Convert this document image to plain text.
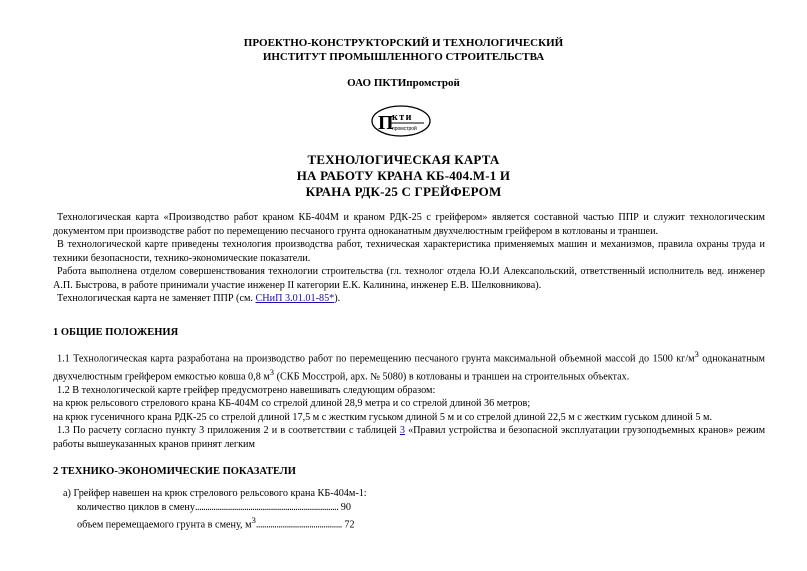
ПРОЕКТНО-КОНСТРУКТОРСКИЙ И ТЕХНОЛОГИЧЕСКИЙ
ИНСТИТУТ ПРОМЫШЛЕННОГО СТРОИТЕЛЬСТВА
ОАО ПКТИпромстрой
П
кти
промстрой
ТЕХНОЛОГИЧЕСКАЯ КАРТА
НА РАБОТУ КРАНА КБ-404.М-1 И
КРАНА РДК-25 С ГРЕЙФЕРОМ

Технологическая карта «Производство работ краном КБ-404М и краном РДК-25 с грейфером» является составной частью ППР и служит технологическим документом при производстве работ по перемещению песчаного грунта одноканатным двухчелюстным грейфером в котлованы и траншеи.

В технологической карте приведены технология производства работ, техническая характеристика применяемых машин и механизмов, правила охраны труда и техники безопасности, технико-экономические показатели.

Работа выполнена отделом совершенствования технологии строительства (гл. технолог отдела Ю.И Алексапольский, ответственный исполнитель вед. инженер А.П. Быстрова, в работе принимали участие инженер II категории Е.К. Калинина, инженер Е.В. Шелковникова).

Технологическая карта не заменяет ППР (см. СНиП 3.01.01-85*).

1 ОБЩИЕ ПОЛОЖЕНИЯ

1.1 Технологическая карта разработана на производство работ по перемещению песчаного грунта максимальной объемной массой до 1500 $кг/м^3$ одноканатным двухчелюстным грейфером емкостью ковша 0,8 $м^3$ (СКБ Мосстрой, арх. № 5080) в котлованы и траншеи на строительных объектах.

1.2 В технологической карте грейфер предусмотрено навешивать следующим образом:

на крюк рельсового стрелового крана КБ-404М со стрелой длиной 28,9 метра и со стрелой длиной 36 метров;

на крюк гусеничного крана РДК-25 со стрелой длиной 17,5 м с жестким гуськом длиной 5 м и со стрелой длиной 22,5 м с жестким гуськом длиной 5 м.

1.3 По расчету согласно пункту 3 приложения 2 и в соответствии с таблицей 3 «Правил устройства и безопасной эксплуатации грузоподъемных кранов» режим работы вышеуказанных кранов принят легким

2 ТЕХНИКО-ЭКОНОМИЧЕСКИЕ ПОКАЗАТЕЛИ

а) Грейфер навешен на крюк стрелового рельсового крана КБ-404м-1:

количество циклов в смену...................................................................... 90

объем перемещаемого грунта в смену, $м^3$.......................................... 72
